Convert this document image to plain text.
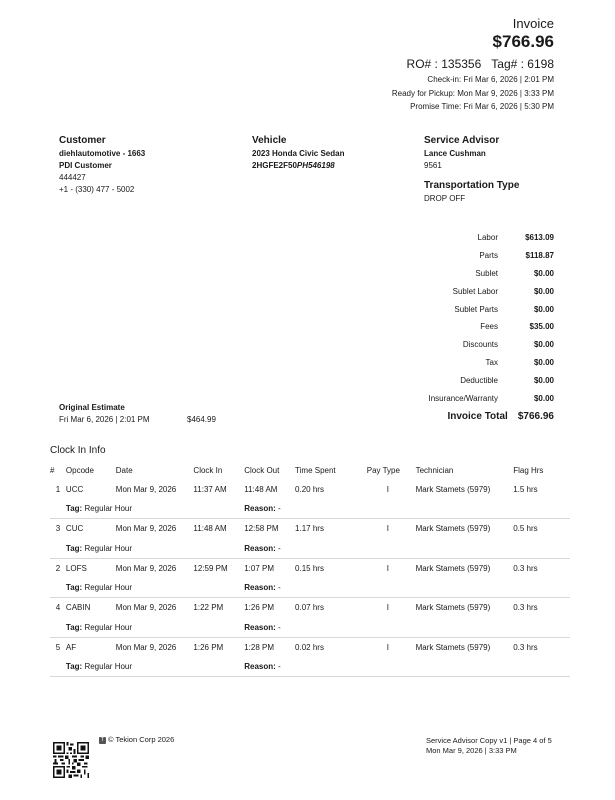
Invoice
$766.96
RO# : 135356 Tag# : 6198
Check-in: Fri Mar 6, 2026 | 2:01 PM
Ready for Pickup: Mon Mar 9, 2026 | 3:33 PM
Promise Time: Fri Mar 6, 2026 | 5:30 PM
Customer
diehlautomotive - 1663
PDI Customer
444427
+1 - (330) 477 - 5002
Vehicle
2023 Honda Civic Sedan
2HGFE2F50PH546198
Service Advisor
Lance Cushman
9561
Transportation Type
DROP OFF
Labor	$613.09
Parts	$118.87
Sublet	$0.00
Sublet Labor	$0.00
Sublet Parts	$0.00
Fees	$35.00
Discounts	$0.00
Tax	$0.00
Deductible	$0.00
Insurance/Warranty	$0.00
Invoice Total	$766.96
Original Estimate
Fri Mar 6, 2026 | 2:01 PM	$464.99
Clock In Info
#	Opcode	Date	Clock In	Clock Out	Time Spent	Pay Type	Technician	Flag Hrs
1	UCC	Mon Mar 9, 2026	11:37 AM	11:48 AM	0.20 hrs	I	Mark Stamets (5979)	1.5 hrs
	Tag: Regular Hour			Reason: -				
3	CUC	Mon Mar 9, 2026	11:48 AM	12:58 PM	1.17 hrs	I	Mark Stamets (5979)	0.5 hrs
	Tag: Regular Hour			Reason: -				
2	LOFS	Mon Mar 9, 2026	12:59 PM	1:07 PM	0.15 hrs	I	Mark Stamets (5979)	0.3 hrs
	Tag: Regular Hour			Reason: -				
4	CABIN	Mon Mar 9, 2026	1:22 PM	1:26 PM	0.07 hrs	I	Mark Stamets (5979)	0.3 hrs
	Tag: Regular Hour			Reason: -				
5	AF	Mon Mar 9, 2026	1:26 PM	1:28 PM	0.02 hrs	I	Mark Stamets (5979)	0.3 hrs
	Tag: Regular Hour			Reason: -				
T © Tekion Corp 2026	Service Advisor Copy v1 | Page 4 of 5
Mon Mar 9, 2026 | 3:33 PM
